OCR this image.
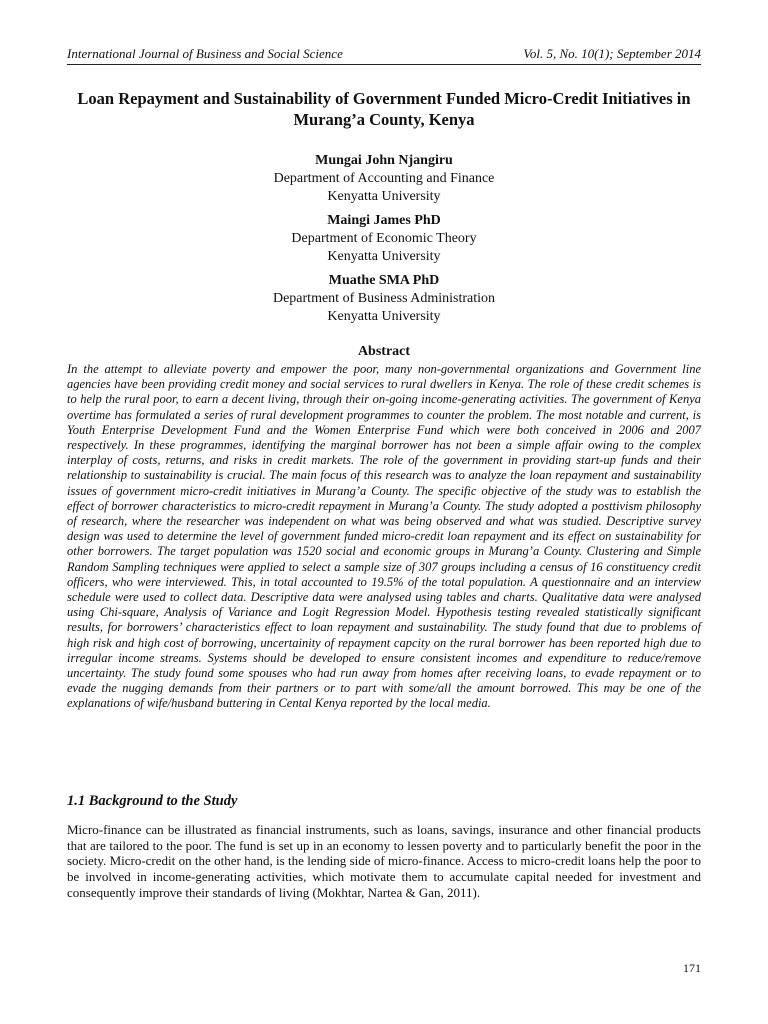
International Journal of Business and Social Science	Vol. 5, No. 10(1); September 2014
Loan Repayment and Sustainability of Government Funded Micro-Credit Initiatives in Murang’a County, Kenya
Mungai John Njangiru
Department of Accounting and Finance
Kenyatta University
Maingi James PhD
Department of Economic Theory
Kenyatta University
Muathe SMA PhD
Department of Business Administration
Kenyatta University
Abstract

In the attempt to alleviate poverty and empower the poor, many non-governmental organizations and Government line agencies have been providing credit money and social services to rural dwellers in Kenya. The role of these credit schemes is to help the rural poor, to earn a decent living, through their on-going income-generating activities. The government of Kenya overtime has formulated a series of rural development programmes to counter the problem. The most notable and current, is Youth Enterprise Development Fund and the Women Enterprise Fund which were both conceived in 2006 and 2007 respectively. In these programmes, identifying the marginal borrower has not been a simple affair owing to the complex interplay of costs, returns, and risks in credit markets. The role of the government in providing start-up funds and their relationship to sustainability is crucial. The main focus of this research was to analyze the loan repayment and sustainability issues of government micro-credit initiatives in Murang’a County. The specific objective of the study was to establish the effect of borrower characteristics to micro-credit repayment in Murang’a County. The study adopted a posttivism philosophy of research, where the researcher was independent on what was being observed and what was studied. Descriptive survey design was used to determine the level of government funded micro-credit loan repayment and its effect on sustainability for other borrowers. The target population was 1520 social and economic groups in Murang’a County. Clustering and Simple Random Sampling techniques were applied to select a sample size of 307 groups including a census of 16 constituency credit officers, who were interviewed. This, in total accounted to 19.5% of the total population. A questionnaire and an interview schedule were used to collect data. Descriptive data were analysed using tables and charts. Qualitative data were analysed using Chi-square, Analysis of Variance and Logit Regression Model. Hypothesis testing revealed statistically significant results, for borrowers’ characteristics effect to loan repayment and sustainability. The study found that due to problems of high risk and high cost of borrowing, uncertainity of repayment capcity on the rural borrower has been reported high due to irregular income streams. Systems should be developed to ensure consistent incomes and expenditure to reduce/remove uncertainty. The study found some spouses who had run away from homes after receiving loans, to evade repayment or to evade the nugging demands from their partners or to part with some/all the amount borrowed. This may be one of the explanations of wife/husband buttering in Cental Kenya reported by the local media.

1.1 Background to the Study

Micro-finance can be illustrated as financial instruments, such as loans, savings, insurance and other financial products that are tailored to the poor. The fund is set up in an economy to lessen poverty and to particularly benefit the poor in the society. Micro-credit on the other hand, is the lending side of micro-finance. Access to micro-credit loans help the poor to be involved in income-generating activities, which motivate them to accumulate capital needed for investment and consequently improve their standards of living (Mokhtar, Nartea & Gan, 2011).

171
